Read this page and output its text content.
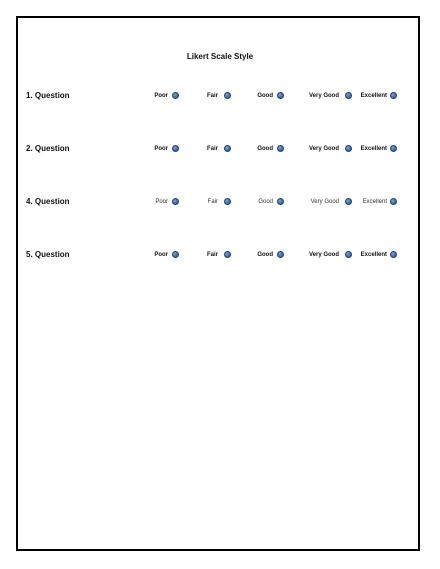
Likert Scale Style
1. Question	Poor	Fair	Good	Very Good	Excellent
2. Question	Poor	Fair	Good	Very Good	Excellent
4. Question	Poor	Fair	Good	Very Good	Excellent
5. Question	Poor	Fair	Good	Very Good	Excellent
